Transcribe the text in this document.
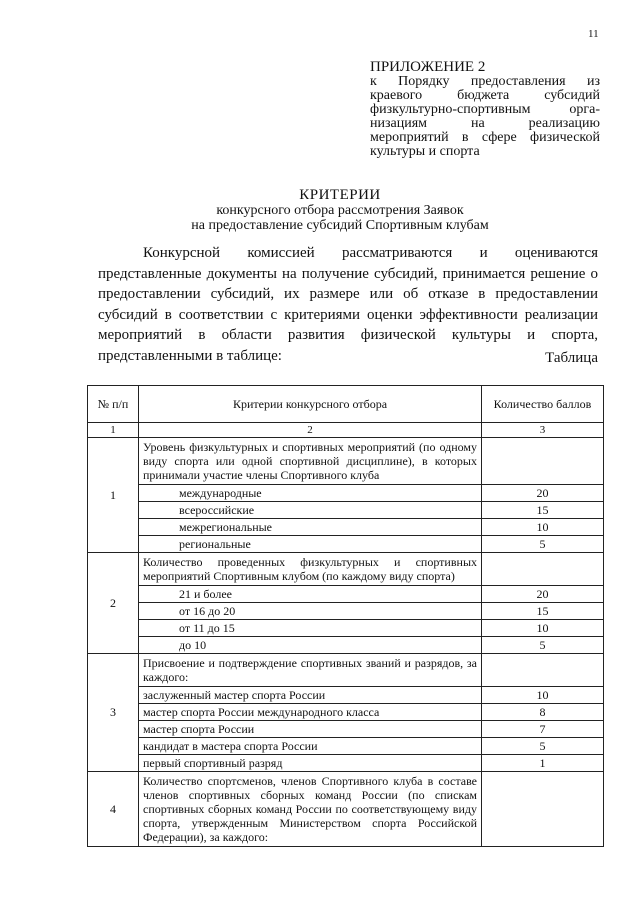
11
ПРИЛОЖЕНИЕ 2
к Порядку предоставления из краевого бюджета субсидий физкультурно-спортивным орга-низациям на реализацию мероприятий в сфере физической культуры и спорта
КРИТЕРИИ
конкурсного отбора рассмотрения Заявок
на предоставление субсидий Спортивным клубам
Конкурсной комиссией рассматриваются и оцениваются представленные документы на получение субсидий, принимается решение о предоставлении субсидий, их размере или об отказе в предоставлении субсидий в соответствии с критериями оценки эффективности реализации мероприятий в области развития физической культуры и спорта, представленными в таблице:	Таблица
№ п/п	Критерии конкурсного отбора	Количество баллов
1	2	3
1	Уровень физкультурных и спортивных мероприятий (по одному виду спорта или одной спортивной дисциплине), в которых принимали участие члены Спортивного клуба	
	международные	20
	всероссийские	15
	межрегиональные	10
	региональные	5
2	Количество проведенных физкультурных и спортивных мероприятий Спортивным клубом (по каждому виду спорта)	
	21 и более	20
	от 16 до 20	15
	от 11 до 15	10
	до 10	5
3	Присвоение и подтверждение спортивных званий и разрядов, за каждого:	
	заслуженный мастер спорта России	10
	мастер спорта России международного класса	8
	мастер спорта России	7
	кандидат в мастера спорта России	5
	первый спортивный разряд	1
4	Количество спортсменов, членов Спортивного клуба в составе членов спортивных сборных команд России (по спискам спортивных сборных команд России по соответствующему виду спорта, утвержденным Министерством спорта Российской Федерации), за каждого:	
